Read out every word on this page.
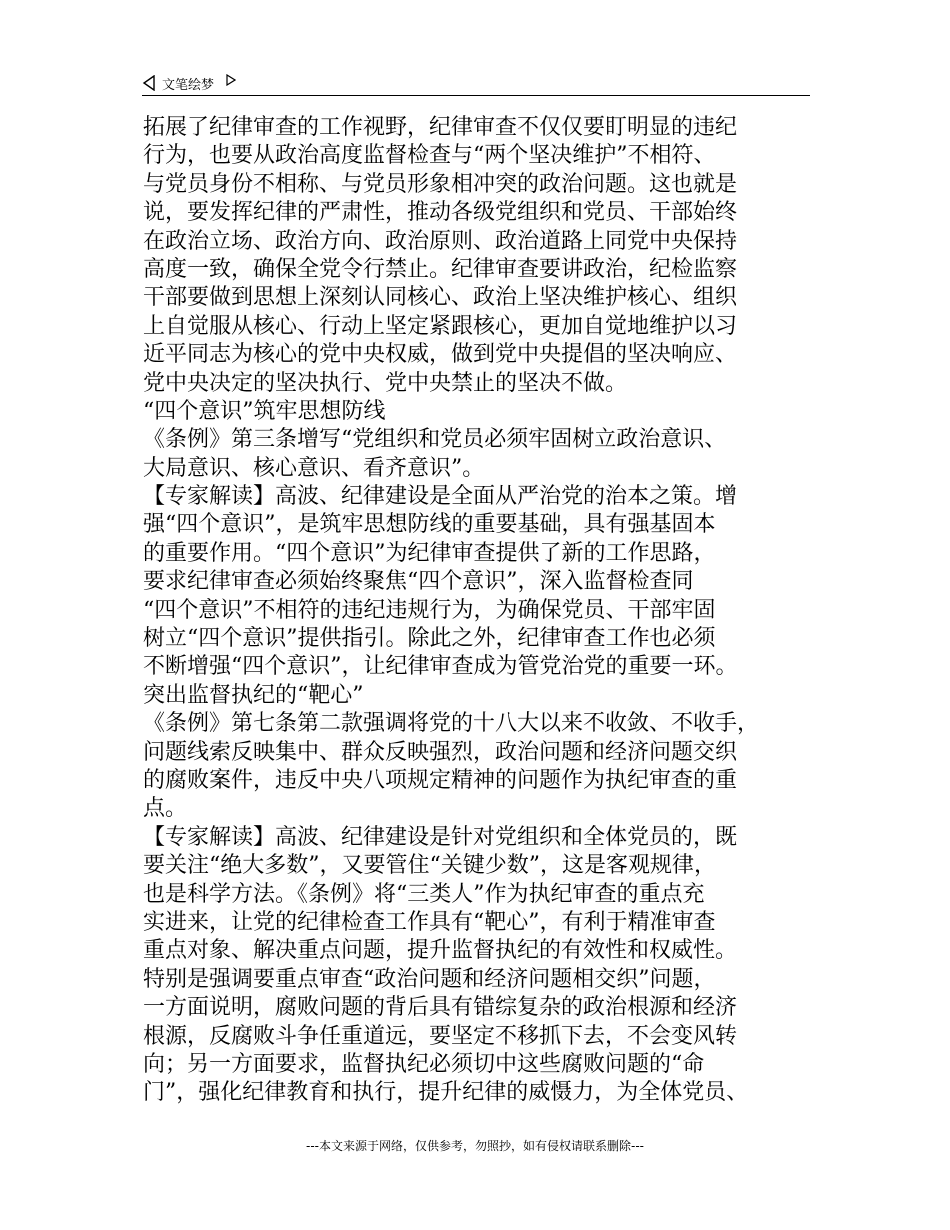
文笔绘梦
拓展了纪律审查的工作视野，纪律审查不仅仅要盯明显的违纪
行为，也要从政治高度监督检查与“两个坚决维护”不相符、
与党员身份不相称、与党员形象相冲突的政治问题。这也就是
说，要发挥纪律的严肃性，推动各级党组织和党员、干部始终
在政治立场、政治方向、政治原则、政治道路上同党中央保持
高度一致，确保全党令行禁止。纪律审查要讲政治，纪检监察
干部要做到思想上深刻认同核心、政治上坚决维护核心、组织
上自觉服从核心、行动上坚定紧跟核心，更加自觉地维护以习
近平同志为核心的党中央权威，做到党中央提倡的坚决响应、
党中央决定的坚决执行、党中央禁止的坚决不做。
“四个意识”筑牢思想防线
《条例》第三条增写“党组织和党员必须牢固树立政治意识、
大局意识、核心意识、看齐意识”。
【专家解读】高波、纪律建设是全面从严治党的治本之策。增
强“四个意识”，是筑牢思想防线的重要基础，具有强基固本
的重要作用。“四个意识”为纪律审查提供了新的工作思路，
要求纪律审查必须始终聚焦“四个意识”，深入监督检查同
“四个意识”不相符的违纪违规行为，为确保党员、干部牢固
树立“四个意识”提供指引。除此之外，纪律审查工作也必须
不断增强“四个意识”，让纪律审查成为管党治党的重要一环。
突出监督执纪的“靶心”
《条例》第七条第二款强调将党的十八大以来不收敛、不收手，
问题线索反映集中、群众反映强烈，政治问题和经济问题交织
的腐败案件，违反中央八项规定精神的问题作为执纪审查的重
点。
【专家解读】高波、纪律建设是针对党组织和全体党员的，既
要关注“绝大多数”，又要管住“关键少数”，这是客观规律，
也是科学方法。《条例》将“三类人”作为执纪审查的重点充
实进来，让党的纪律检查工作具有“靶心”，有利于精准审查
重点对象、解决重点问题，提升监督执纪的有效性和权威性。
特别是强调要重点审查“政治问题和经济问题相交织”问题，
一方面说明，腐败问题的背后具有错综复杂的政治根源和经济
根源，反腐败斗争任重道远，要坚定不移抓下去，不会变风转
向；另一方面要求，监督执纪必须切中这些腐败问题的“命
门”，强化纪律教育和执行，提升纪律的威慑力，为全体党员、
---本文来源于网络，仅供参考，勿照抄，如有侵权请联系删除---
